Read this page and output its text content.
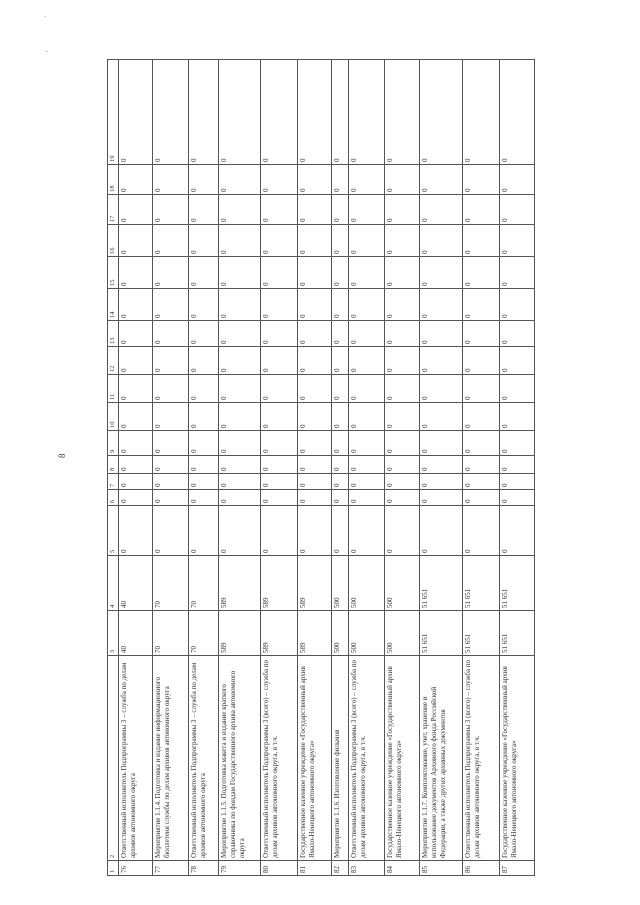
.
.
8
1	2	3	4	5	6	7	8	9	10	11	12	13	14	15	16	17	18	19
76	Ответственный исполнитель Подпрограммы 3 – служба по делам архивов автономного округа	40	40	0	0	0	0	0	0	0	0	0	0	0	0	0	0	0
77	Мероприятие 1.1.4. Подготовка и издание информационного бюллетеня службы по делам архивов автономного округа	70	70	0	0	0	0	0	0	0	0	0	0	0	0	0	0	0
78	Ответственный исполнитель Подпрограммы 3 – служба по делам архивов автономного округа	70	70	0	0	0	0	0	0	0	0	0	0	0	0	0	0	0
79	Мероприятие 1.1.5. Подготовка макета и издание краткого справочника по фондам Государственного архива автономного округа	589	589	0	0	0	0	0	0	0	0	0	0	0	0	0	0	0
80	Ответственный исполнитель Подпрограммы 3 (всего) – служба по делам архивов автономного округа, в т.ч.	589	589	0	0	0	0	0	0	0	0	0	0	0	0	0	0	0
81	Государственное казенное учреждение «Государственный архив Ямало-Ненецкого автономного округа»	589	589	0	0	0	0	0	0	0	0	0	0	0	0	0	0	0
82	Мероприятие 1.1.6. Изготовление фильмов	500	500	0	0	0	0	0	0	0	0	0	0	0	0	0	0	0
83	Ответственный исполнитель Подпрограммы 3 (всего) – служба по делам архивов автономного округа, в т.ч.	500	500	0	0	0	0	0	0	0	0	0	0	0	0	0	0	0
84	Государственное казенное учреждение «Государственный архив Ямало-Ненецкого автономного округа»	500	500	0	0	0	0	0	0	0	0	0	0	0	0	0	0	0
85	Мероприятие 1.1.7. Комплектование, учет, хранение и использование документов Архивного фонда Российской Федерации, а также других архивных документов	51 651	51 651	0	0	0	0	0	0	0	0	0	0	0	0	0	0	0
86	Ответственный исполнитель Подпрограммы 3 (всего) – служба по делам архивов автономного округа, в т.ч.	51 651	51 651	0	0	0	0	0	0	0	0	0	0	0	0	0	0	0
87	Государственное казенное учреждение «Государственный архив Ямало-Ненецкого автономного округа»	51 651	51 651	0	0	0	0	0	0	0	0	0	0	0	0	0	0	0
